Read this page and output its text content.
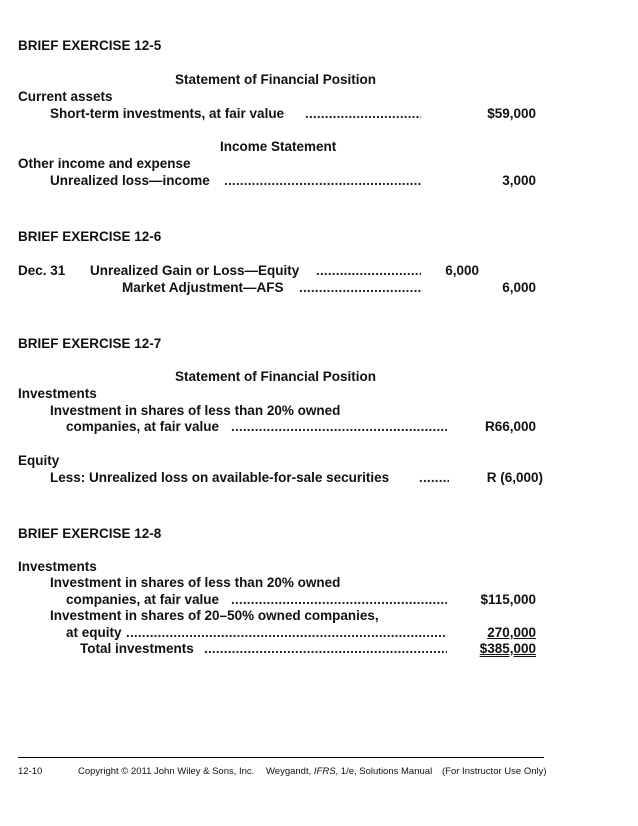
BRIEF EXERCISE 12-5
Statement of Financial Position
Current assets
Short-term investments, at fair value .....	$59,000
Income Statement
Other income and expense
Unrealized loss—income .....	3,000
BRIEF EXERCISE 12-6
Dec. 31 Unrealized Gain or Loss—Equity .....	6,000
Market Adjustment—AFS .....	6,000
BRIEF EXERCISE 12-7
Statement of Financial Position
Investments
Investment in shares of less than 20% owned
companies, at fair value .....	R66,000
Equity
Less: Unrealized loss on available-for-sale securities .....	R (6,000)
BRIEF EXERCISE 12-8
Investments
Investment in shares of less than 20% owned
companies, at fair value .....	$115,000
Investment in shares of 20–50% owned companies,
at equity .....	270,000
Total investments .....	$385,000
12-10	Copyright © 2011 John Wiley & Sons, Inc. Weygandt, IFRS, 1/e, Solutions Manual (For Instructor Use Only)
